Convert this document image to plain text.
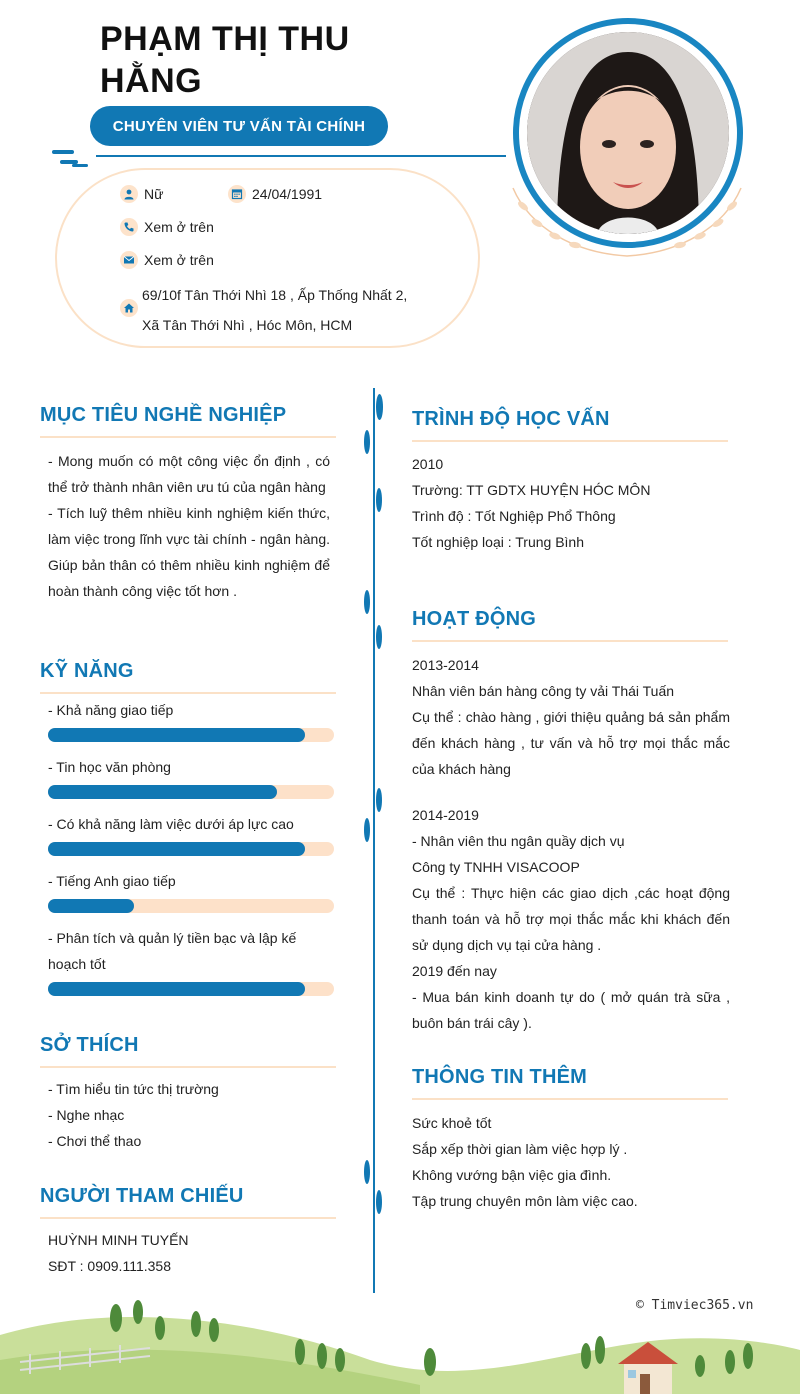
PHẠM THỊ THU HẰNG
CHUYÊN VIÊN TƯ VẤN TÀI CHÍNH
Nữ	24/04/1991
Xem ở trên
Xem ở trên
69/10f Tân Thới Nhì 18 , Ấp Thống Nhất 2, Xã Tân Thới Nhì , Hóc Môn, HCM
MỤC TIÊU NGHỀ NGHIỆP
- Mong muốn có một công việc ổn định , có thể trở thành nhân viên ưu tú của ngân hàng
- Tích luỹ thêm nhiều kinh nghiệm kiến thức, làm việc trong lĩnh vực tài chính - ngân hàng. Giúp bản thân có thêm nhiều kinh nghiệm để hoàn thành công việc tốt hơn .
KỸ NĂNG
- Khả năng giao tiếp
- Tin học văn phòng
- Có khả năng làm việc dưới áp lực cao
- Tiếng Anh giao tiếp
- Phân tích và quản lý tiền bạc và lập kế hoạch tốt
SỞ THÍCH
- Tìm hiểu tin tức thị trường
- Nghe nhạc
- Chơi thể thao
NGƯỜI THAM CHIẾU
HUỲNH MINH TUYẾN
SĐT : 0909.111.358
TRÌNH ĐỘ HỌC VẤN
2010
Trường: TT GDTX HUYỆN HÓC MÔN
Trình độ : Tốt Nghiệp Phổ Thông
Tốt nghiệp loại : Trung Bình
HOẠT ĐỘNG
2013-2014
Nhân viên bán hàng công ty vải Thái Tuấn
Cụ thể : chào hàng , giới thiệu quảng bá sản phẩm đến khách hàng , tư vấn và hỗ trợ mọi thắc mắc của khách hàng
2014-2019
- Nhân viên thu ngân quầy dịch vụ
Công ty TNHH VISACOOP
Cụ thể : Thực hiện các giao dịch ,các hoạt động thanh toán và hỗ trợ mọi thắc mắc khi khách đến sử dụng dịch vụ tại cửa hàng .
2019 đến nay
- Mua bán kinh doanh tự do ( mở quán trà sữa , buôn bán trái cây ).
THÔNG TIN THÊM
Sức khoẻ tốt
Sắp xếp thời gian làm việc hợp lý .
Không vướng bận việc gia đình.
Tập trung chuyên môn làm việc cao.
© Timviec365.vn
